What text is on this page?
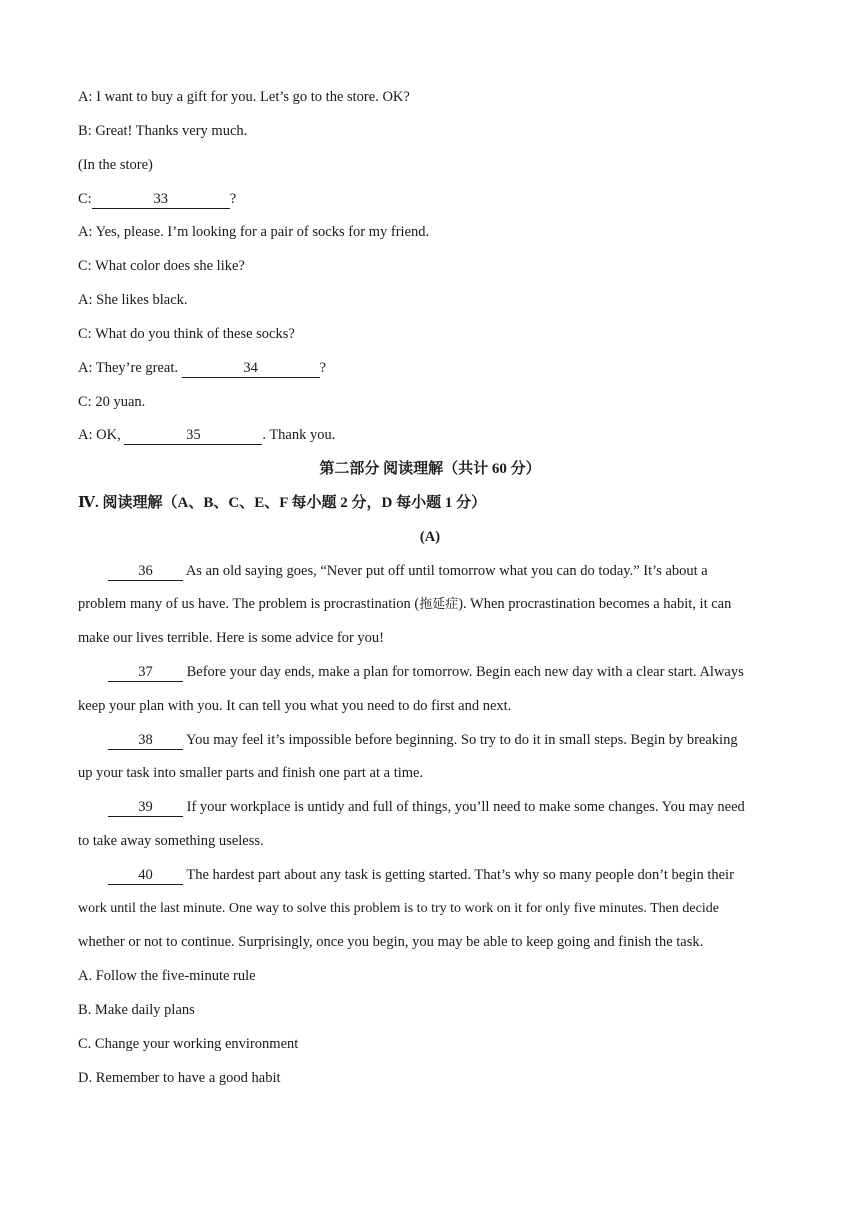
A: I want to buy a gift for you. Let’s go to the store. OK?
B: Great! Thanks very much.
(In the store)
C:	33	?
A: Yes, please. I’m looking for a pair of socks for my friend.
C: What color does she like?
A: She likes black.
C: What do you think of these socks?
A: They’re great.	34	?
C: 20 yuan.
A: OK,	35	. Thank you.
第二部分 阅读理解（共计 60 分）
Ⅳ. 阅读理解（A、B、C、E、F 每小题 2 分，D 每小题 1 分）
(A)
36 As an old saying goes, “Never put off until tomorrow what you can do today.” It’s about a
problem many of us have. The problem is procrastination (拖延症). When procrastination becomes a habit, it can
make our lives terrible. Here is some advice for you!
37 Before your day ends, make a plan for tomorrow. Begin each new day with a clear start. Always
keep your plan with you. It can tell you what you need to do first and next.
38 You may feel it’s impossible before beginning. So try to do it in small steps. Begin by breaking
up your task into smaller parts and finish one part at a time.
39 If your workplace is untidy and full of things, you’ll need to make some changes. You may need
to take away something useless.
40 The hardest part about any task is getting started. That’s why so many people don’t begin their
work until the last minute. One way to solve this problem is to try to work on it for only five minutes. Then decide
whether or not to continue. Surprisingly, once you begin, you may be able to keep going and finish the task.
A. Follow the five-minute rule
B. Make daily plans
C. Change your working environment
D. Remember to have a good habit
